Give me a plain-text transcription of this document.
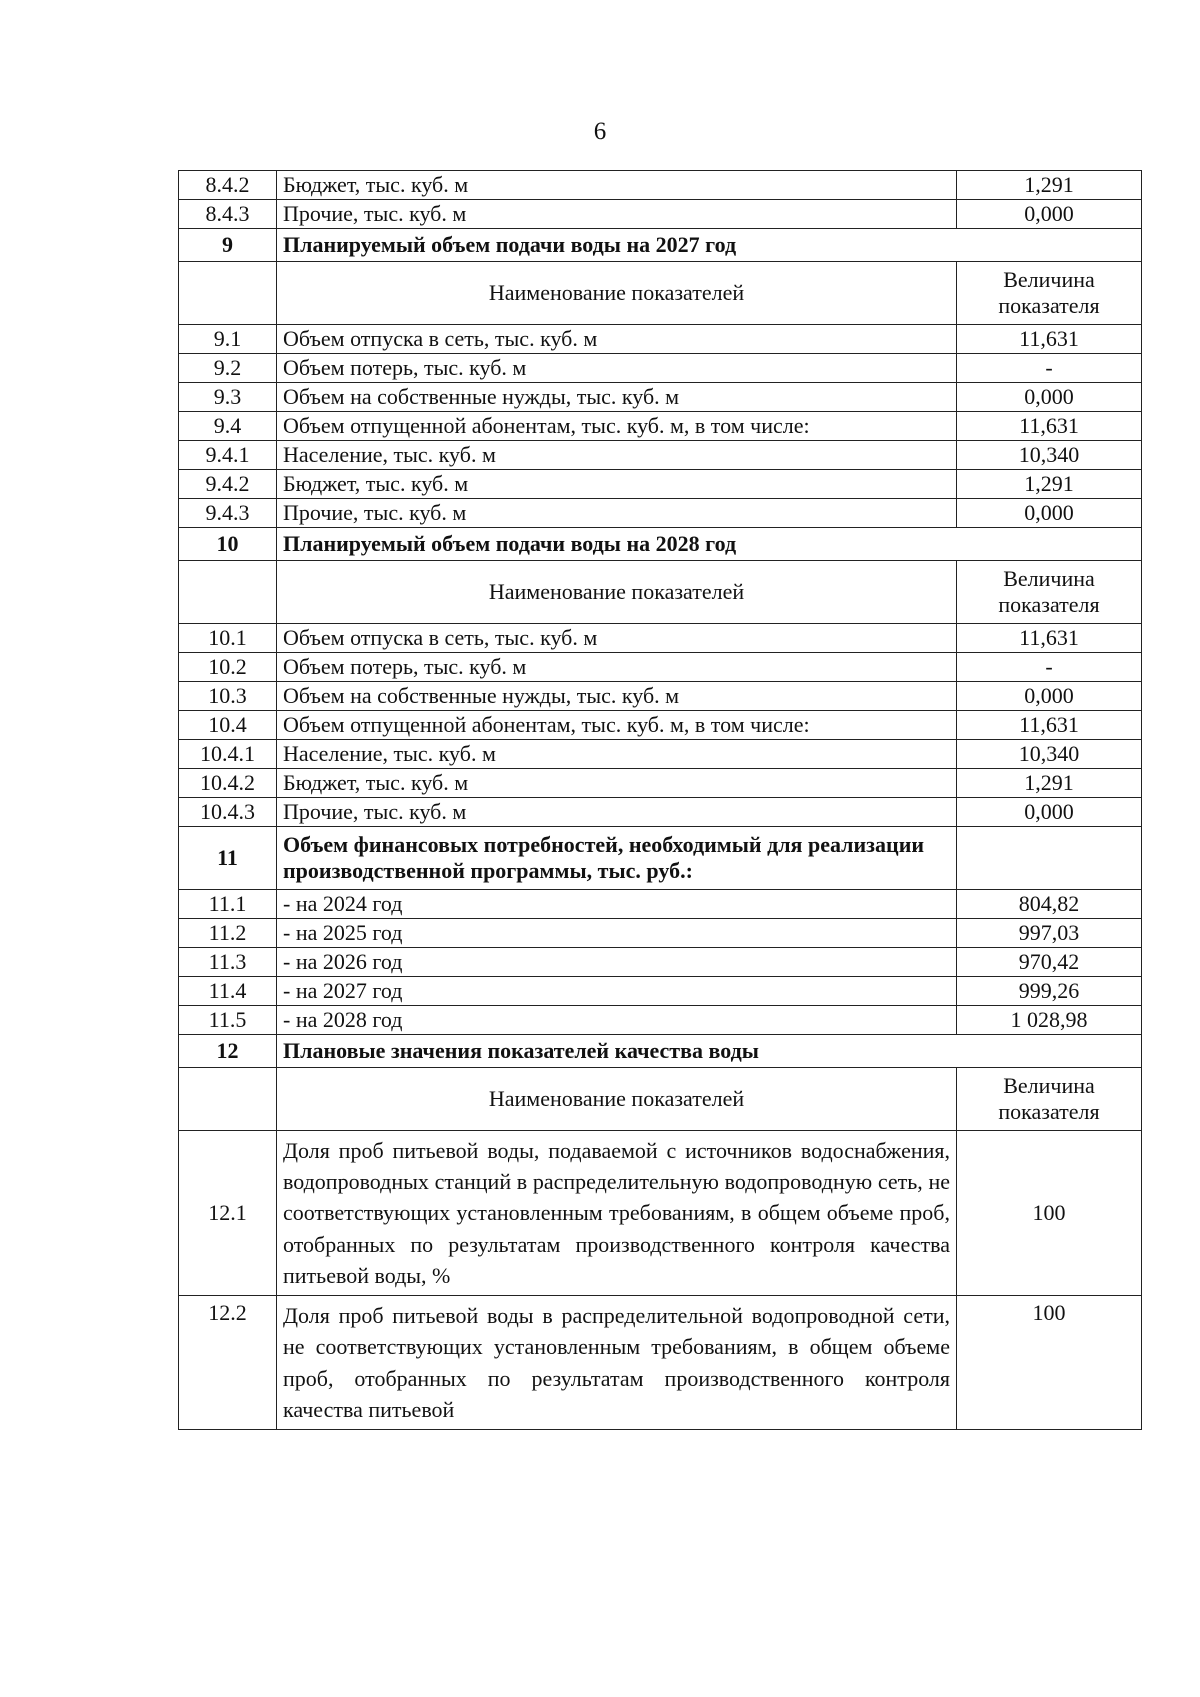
6
8.4.2	Бюджет, тыс. куб. м	1,291
8.4.3	Прочие, тыс. куб. м	0,000
9	Планируемый объем подачи воды на 2027 год	
	Наименование показателей	Величина показателя
9.1	Объем отпуска в сеть, тыс. куб. м	11,631
9.2	Объем потерь, тыс. куб. м	-
9.3	Объем на собственные нужды, тыс. куб. м	0,000
9.4	Объем отпущенной абонентам, тыс. куб. м, в том числе:	11,631
9.4.1	Население, тыс. куб. м	10,340
9.4.2	Бюджет, тыс. куб. м	1,291
9.4.3	Прочие, тыс. куб. м	0,000
10	Планируемый объем подачи воды на 2028 год	
	Наименование показателей	Величина показателя
10.1	Объем отпуска в сеть, тыс. куб. м	11,631
10.2	Объем потерь, тыс. куб. м	-
10.3	Объем на собственные нужды, тыс. куб. м	0,000
10.4	Объем отпущенной абонентам, тыс. куб. м, в том числе:	11,631
10.4.1	Население, тыс. куб. м	10,340
10.4.2	Бюджет, тыс. куб. м	1,291
10.4.3	Прочие, тыс. куб. м	0,000
11	Объем финансовых потребностей, необходимый для реализации производственной программы, тыс. руб.:	
11.1	- на 2024 год	804,82
11.2	- на 2025 год	997,03
11.3	- на 2026 год	970,42
11.4	- на 2027 год	999,26
11.5	- на 2028 год	1 028,98
12	Плановые значения показателей качества воды	
	Наименование показателей	Величина показателя
12.1	Доля проб питьевой воды, подаваемой с источников водоснабжения, водопроводных станций в распределительную водопроводную сеть, не соответствующих установленным требованиям, в общем объеме проб, отобранных по результатам производственного контроля качества питьевой воды, %	100
12.2	Доля проб питьевой воды в распределительной водопроводной сети, не соответствующих установленным требованиям, в общем объеме проб, отобранных по результатам производственного контроля качества питьевой	100
